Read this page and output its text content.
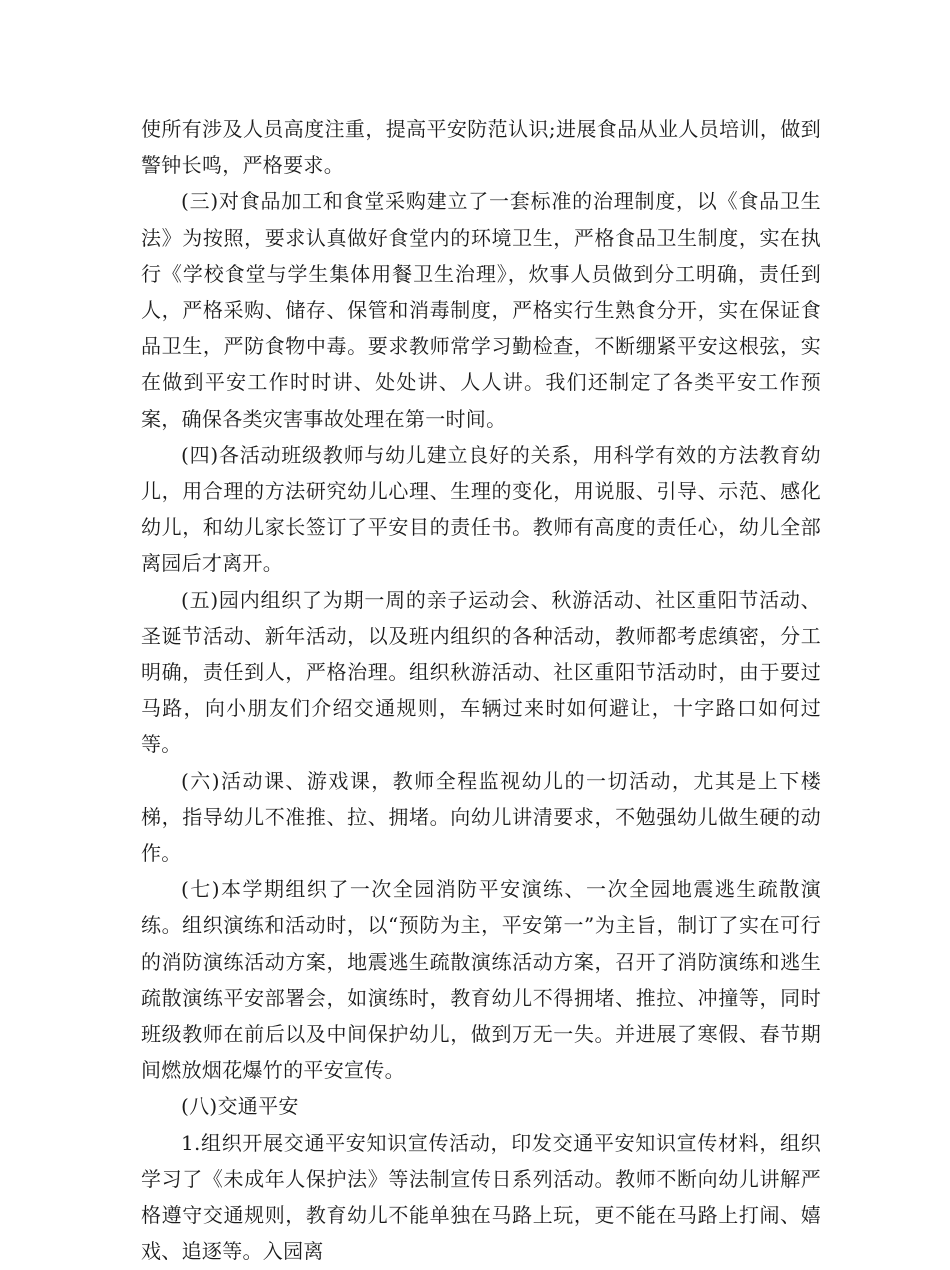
使所有涉及人员高度注重，提高平安防范认识;进展食品从业人员培训，做到警钟长鸣，严格要求。

(三)对食品加工和食堂采购建立了一套标准的治理制度，以《食品卫生法》为按照，要求认真做好食堂内的环境卫生，严格食品卫生制度，实在执行《学校食堂与学生集体用餐卫生治理》，炊事人员做到分工明确，责任到人，严格采购、储存、保管和消毒制度，严格实行生熟食分开，实在保证食品卫生，严防食物中毒。要求教师常学习勤检查，不断绷紧平安这根弦，实在做到平安工作时时讲、处处讲、人人讲。我们还制定了各类平安工作预案，确保各类灾害事故处理在第一时间。

(四)各活动班级教师与幼儿建立良好的关系，用科学有效的方法教育幼儿，用合理的方法研究幼儿心理、生理的变化，用说服、引导、示范、感化幼儿，和幼儿家长签订了平安目的责任书。教师有高度的责任心，幼儿全部离园后才离开。

(五)园内组织了为期一周的亲子运动会、秋游活动、社区重阳节活动、圣诞节活动、新年活动，以及班内组织的各种活动，教师都考虑缜密，分工明确，责任到人，严格治理。组织秋游活动、社区重阳节活动时，由于要过马路，向小朋友们介绍交通规则，车辆过来时如何避让，十字路口如何过等。

(六)活动课、游戏课，教师全程监视幼儿的一切活动，尤其是上下楼梯，指导幼儿不准推、拉、拥堵。向幼儿讲清要求，不勉强幼儿做生硬的动作。

(七)本学期组织了一次全园消防平安演练、一次全园地震逃生疏散演练。组织演练和活动时，以“预防为主，平安第一”为主旨，制订了实在可行的消防演练活动方案，地震逃生疏散演练活动方案，召开了消防演练和逃生疏散演练平安部署会，如演练时，教育幼儿不得拥堵、推拉、冲撞等，同时班级教师在前后以及中间保护幼儿，做到万无一失。并进展了寒假、春节期间燃放烟花爆竹的平安宣传。

(八)交通平安

1.组织开展交通平安知识宣传活动，印发交通平安知识宣传材料，组织学习了《未成年人保护法》等法制宣传日系列活动。教师不断向幼儿讲解严格遵守交通规则，教育幼儿不能单独在马路上玩，更不能在马路上打闹、嬉戏、追逐等。入园离
